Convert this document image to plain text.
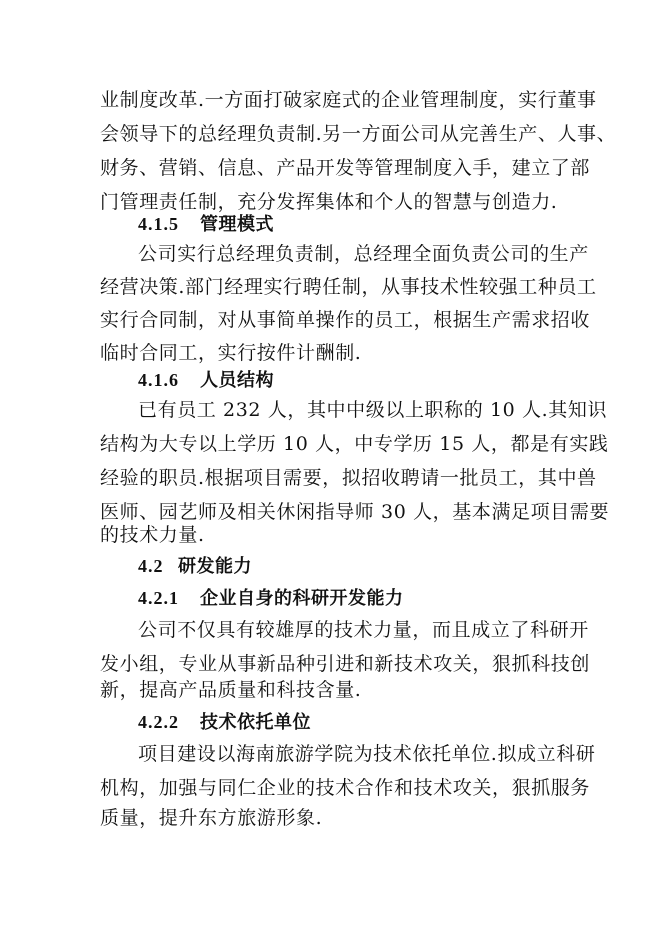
业制度改革.一方面打破家庭式的企业管理制度，实行董事
会领导下的总经理负责制.另一方面公司从完善生产、人事、
财务、营销、信息、产品开发等管理制度入手，建立了部
门管理责任制，充分发挥集体和个人的智慧与创造力.
4.1.5 管理模式
公司实行总经理负责制，总经理全面负责公司的生产
经营决策.部门经理实行聘任制，从事技术性较强工种员工
实行合同制，对从事简单操作的员工，根据生产需求招收
临时合同工，实行按件计酬制.
4.1.6 人员结构
已有员工 232 人，其中中级以上职称的 10 人.其知识
结构为大专以上学历 10 人，中专学历 15 人，都是有实践
经验的职员.根据项目需要，拟招收聘请一批员工，其中兽
医师、园艺师及相关休闲指导师 30 人，基本满足项目需要
的技术力量.
4.2 研发能力
4.2.1 企业自身的科研开发能力
公司不仅具有较雄厚的技术力量，而且成立了科研开
发小组，专业从事新品种引进和新技术攻关，狠抓科技创
新，提高产品质量和科技含量.
4.2.2 技术依托单位
项目建设以海南旅游学院为技术依托单位.拟成立科研
机构，加强与同仁企业的技术合作和技术攻关，狠抓服务
质量，提升东方旅游形象.
